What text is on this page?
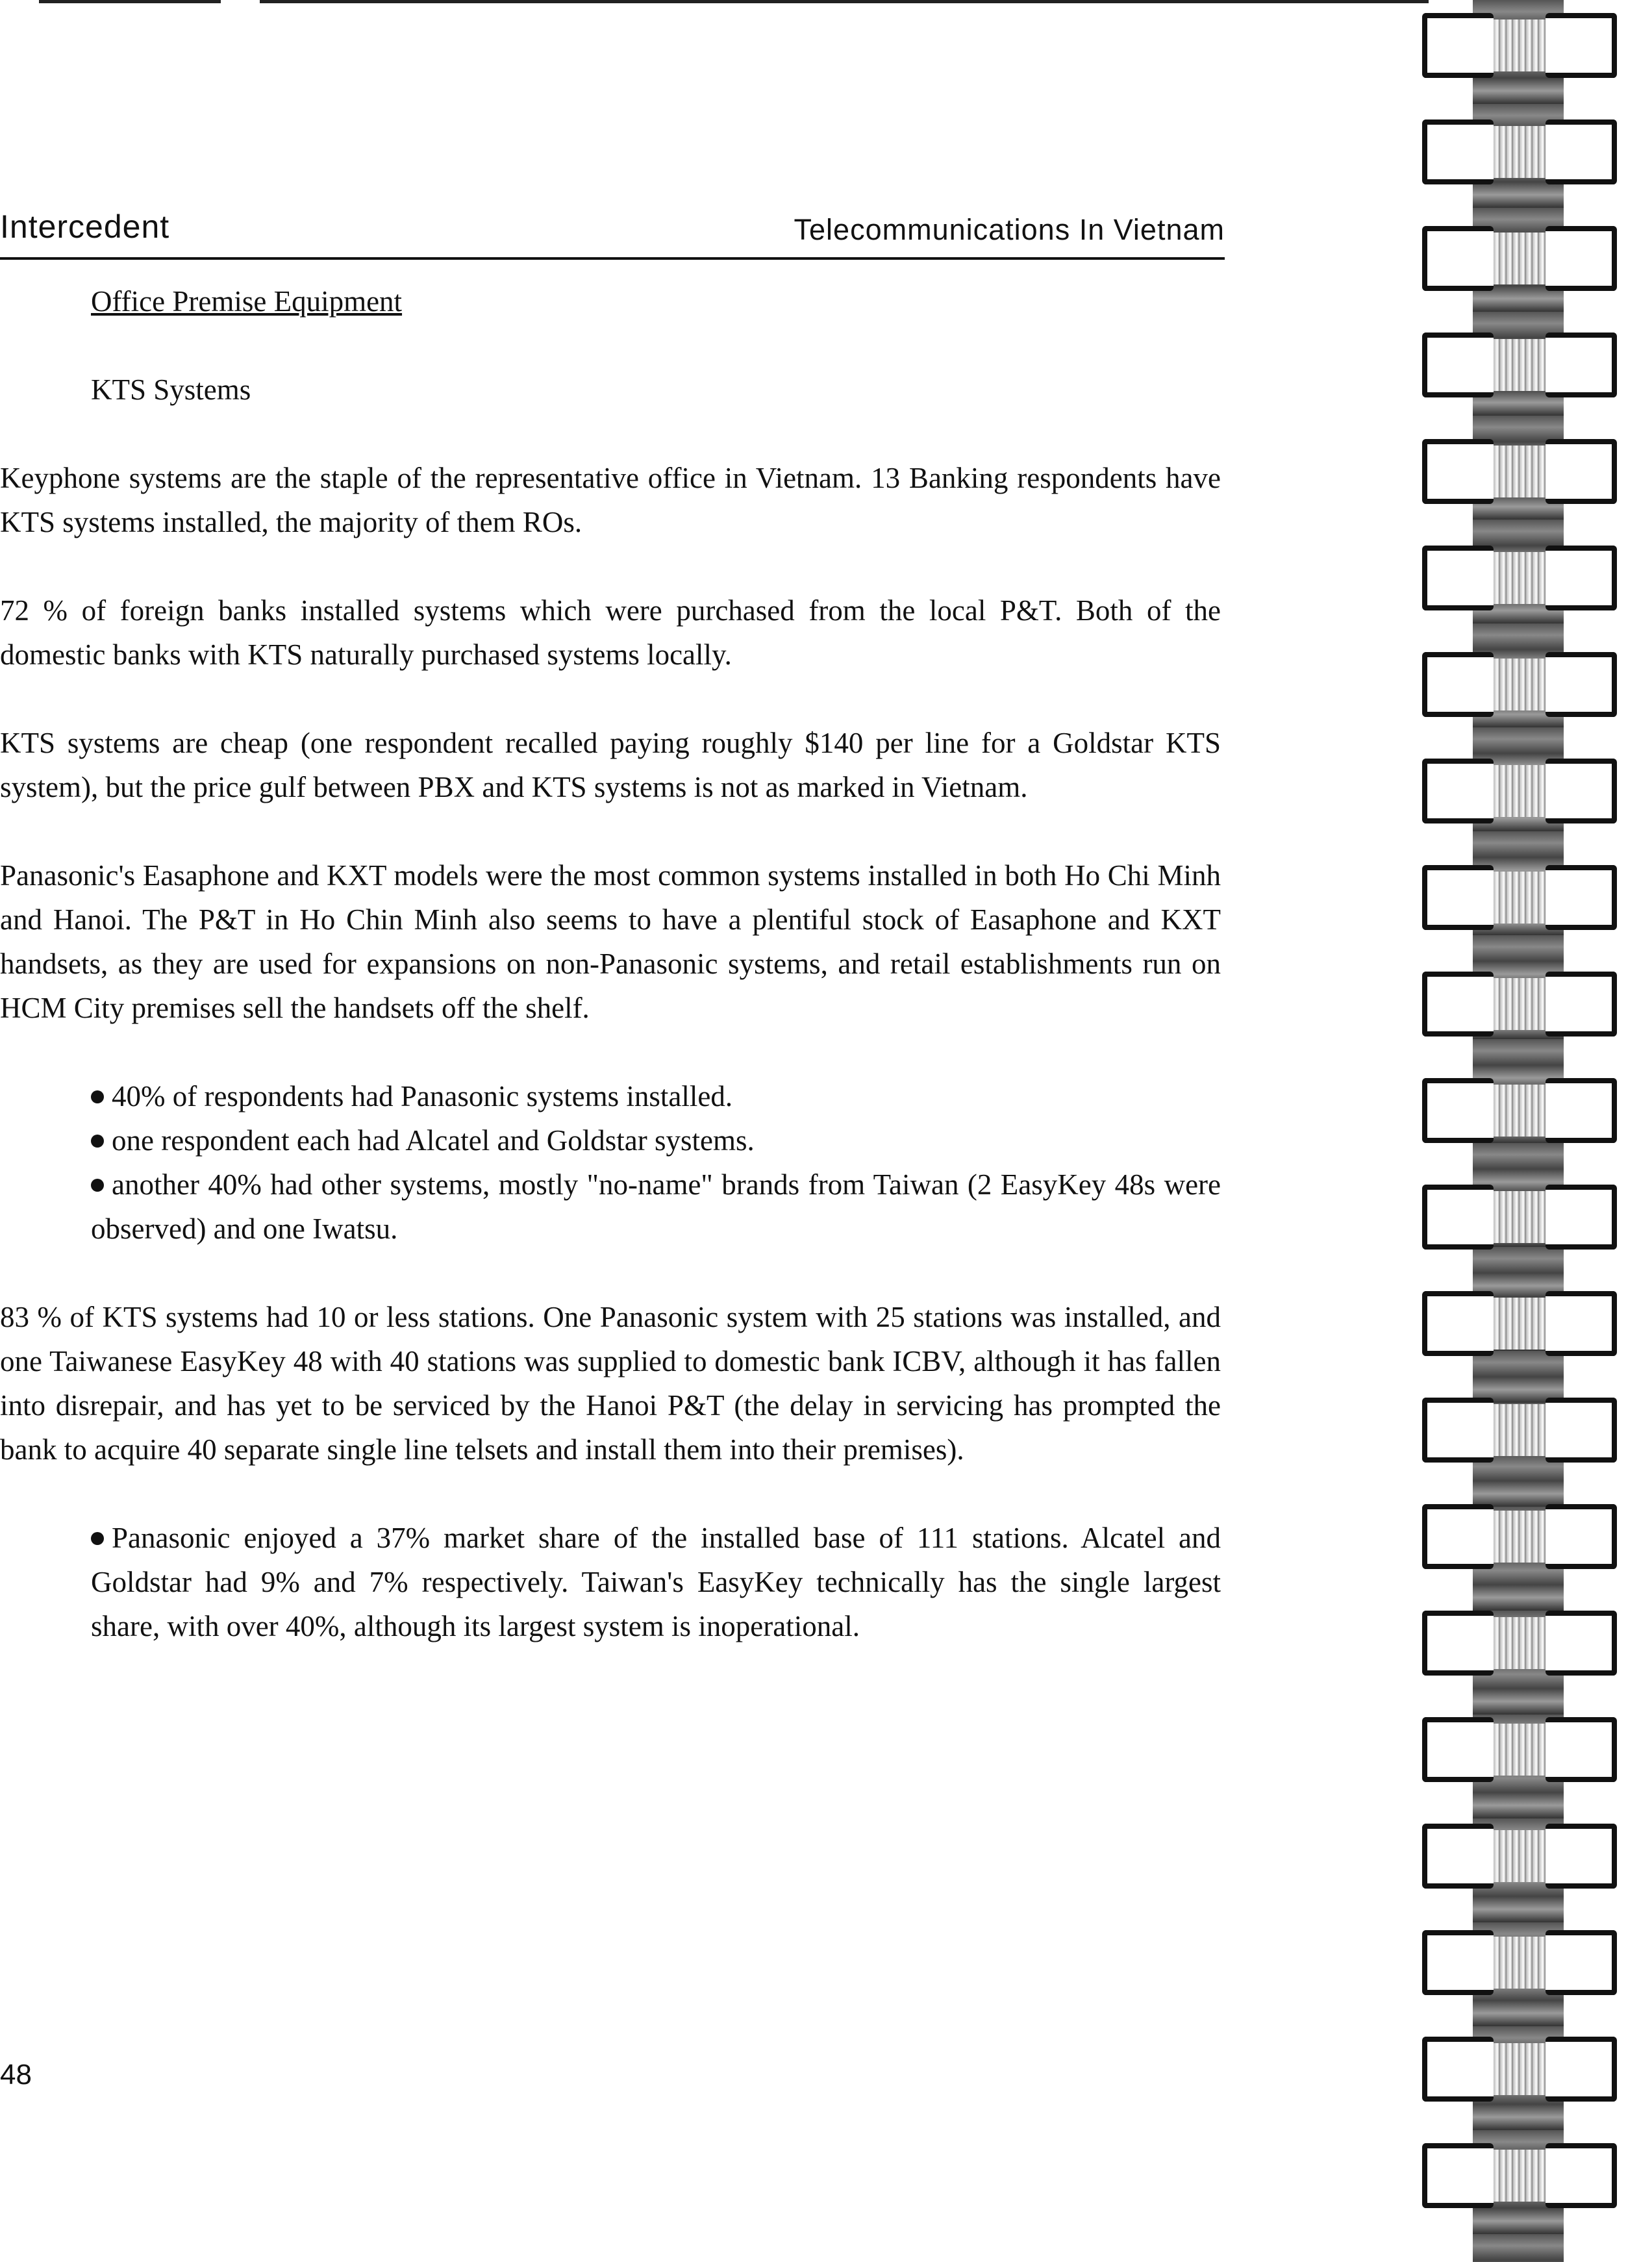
Intercedent	Telecommunications In Vietnam

Office Premise Equipment

KTS Systems

Keyphone systems are the staple of the representative office in Vietnam. 13 Banking respondents have KTS systems installed, the majority of them ROs.

72 % of foreign banks installed systems which were purchased from the local P&T. Both of the domestic banks with KTS naturally purchased systems locally.

KTS systems are cheap (one respondent recalled paying roughly $140 per line for a Goldstar KTS system), but the price gulf between PBX and KTS systems is not as marked in Vietnam.

Panasonic's Easaphone and KXT models were the most common systems installed in both Ho Chi Minh and Hanoi. The P&T in Ho Chin Minh also seems to have a plentiful stock of Easaphone and KXT handsets, as they are used for expansions on non-Panasonic systems, and retail establishments run on HCM City premises sell the handsets off the shelf.

40% of respondents had Panasonic systems installed.
one respondent each had Alcatel and Goldstar systems.
another 40% had other systems, mostly "no-name" brands from Taiwan (2 EasyKey 48s were observed) and one Iwatsu.

83 % of KTS systems had 10 or less stations. One Panasonic system with 25 stations was installed, and one Taiwanese EasyKey 48 with 40 stations was supplied to domestic bank ICBV, although it has fallen into disrepair, and has yet to be serviced by the Hanoi P&T (the delay in servicing has prompted the bank to acquire 40 separate single line telsets and install them into their premises).

Panasonic enjoyed a 37% market share of the installed base of 111 stations. Alcatel and Goldstar had 9% and 7% respectively. Taiwan's EasyKey technically has the single largest share, with over 40%, although its largest system is inoperational.

48
